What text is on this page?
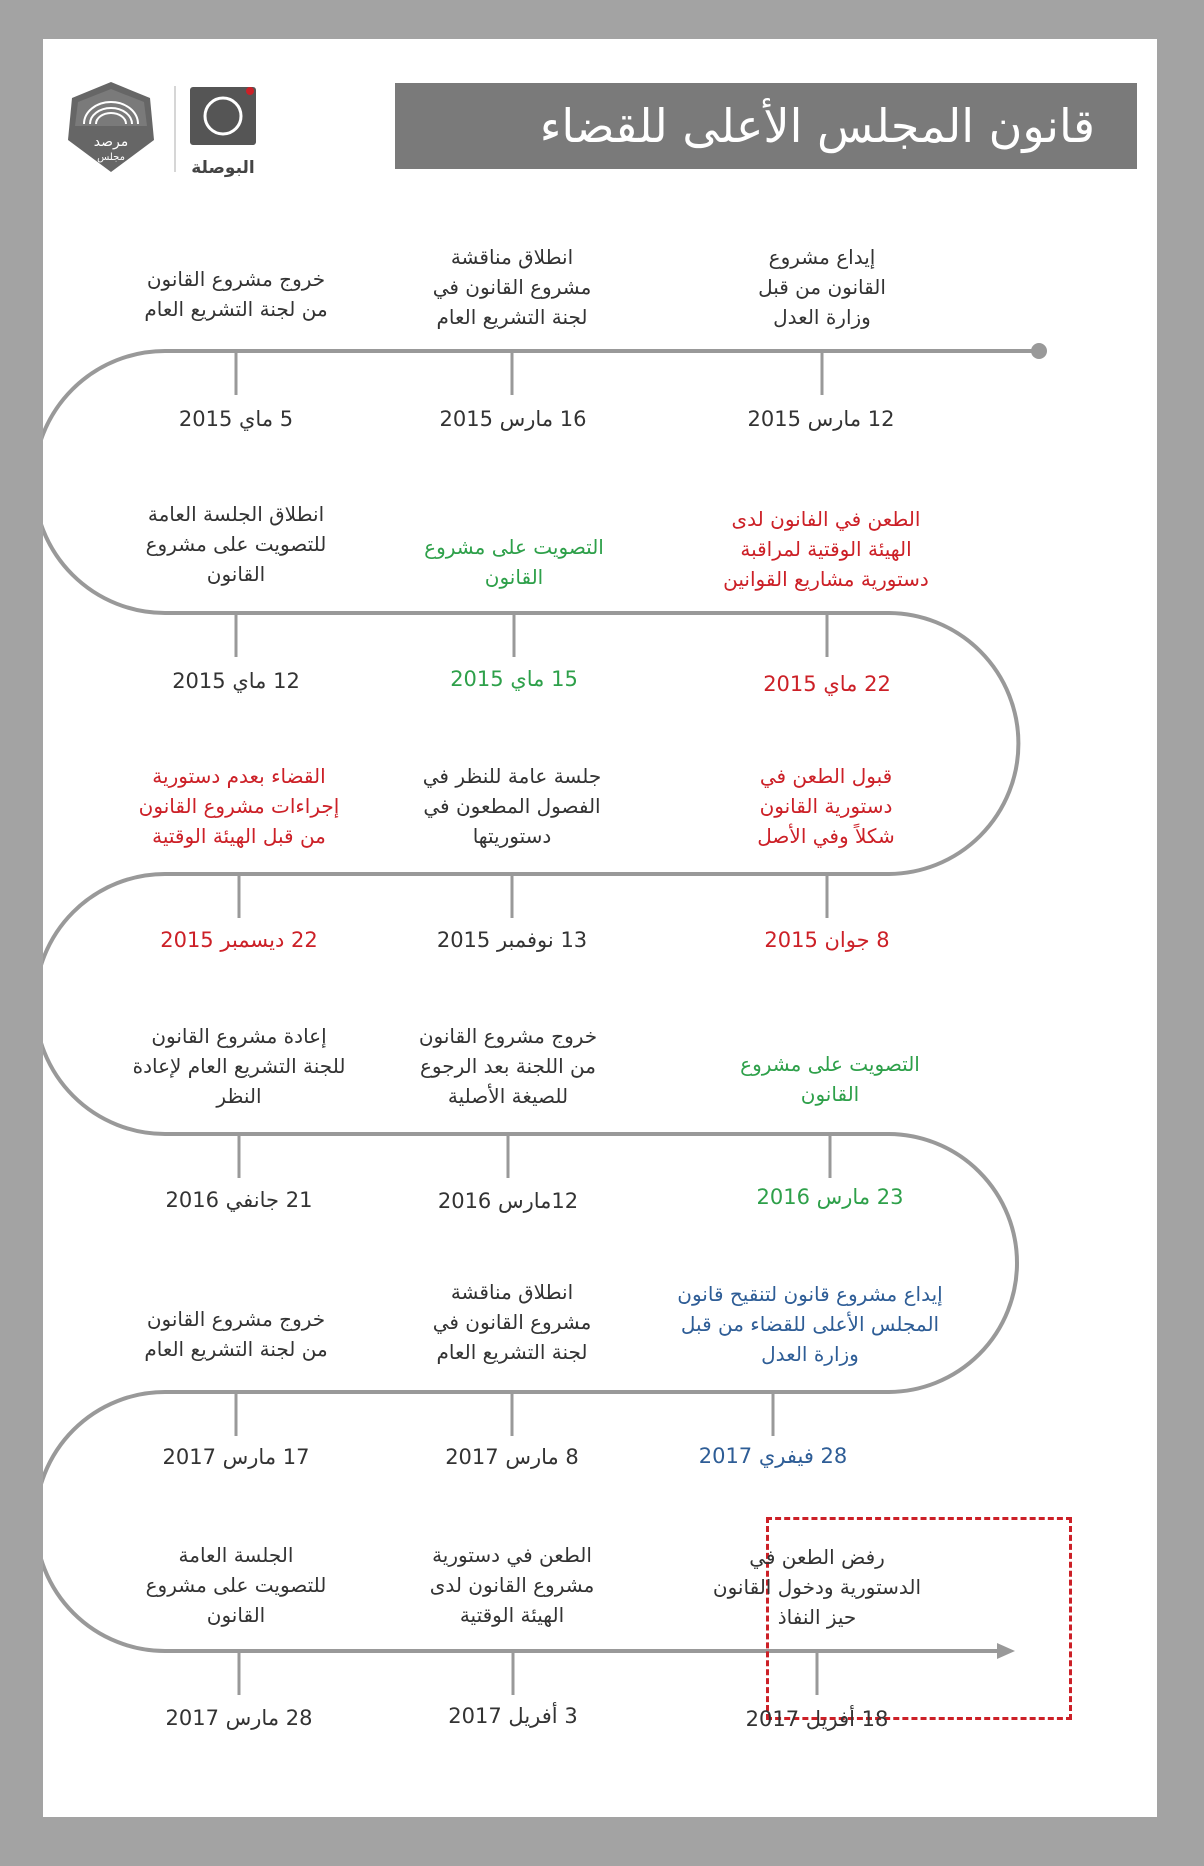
مرصد
مجلس
البوصلة
قانون المجلس الأعلى للقضاء
إيداع مشروع
القانون من قبل
وزارة العدل
12 مارس 2015
انطلاق مناقشة
مشروع القانون في
لجنة التشريع العام
16 مارس 2015
خروج مشروع القانون
من لجنة التشريع العام
5 ماي 2015
انطلاق الجلسة العامة
للتصويت على مشروع
القانون
12 ماي 2015
التصويت على مشروع
القانون
15 ماي 2015
الطعن في الفانون لدى
الهيئة الوقتية لمراقبة
دستورية مشاريع القوانين
22 ماي 2015
قبول الطعن في
دستورية القانون
شكلاً وفي الأصل
8 جوان 2015
جلسة عامة للنظر في
الفصول المطعون في
دستوريتها
13 نوفمبر 2015
القضاء بعدم دستورية
إجراءات مشروع القانون
من قبل الهيئة الوقتية
22 ديسمبر 2015
إعادة مشروع القانون
للجنة التشريع العام لإعادة
النظر
21 جانفي 2016
خروج مشروع القانون
من اللجنة بعد الرجوع
للصيغة الأصلية
12مارس 2016
التصويت على مشروع
القانون
23 مارس 2016
إيداع مشروع قانون لتنقيح قانون
المجلس الأعلى للقضاء من قبل
وزارة العدل
28 فيفري 2017
انطلاق مناقشة
مشروع القانون في
لجنة التشريع العام
8 مارس 2017
خروج مشروع القانون
من لجنة التشريع العام
17 مارس 2017
الجلسة العامة
للتصويت على مشروع
القانون
28 مارس 2017
الطعن في دستورية
مشروع القانون لدى
الهيئة الوقتية
3 أفريل 2017
رفض الطعن في
الدستورية ودخول القانون
حيز النفاذ
18 أفريل 2017
